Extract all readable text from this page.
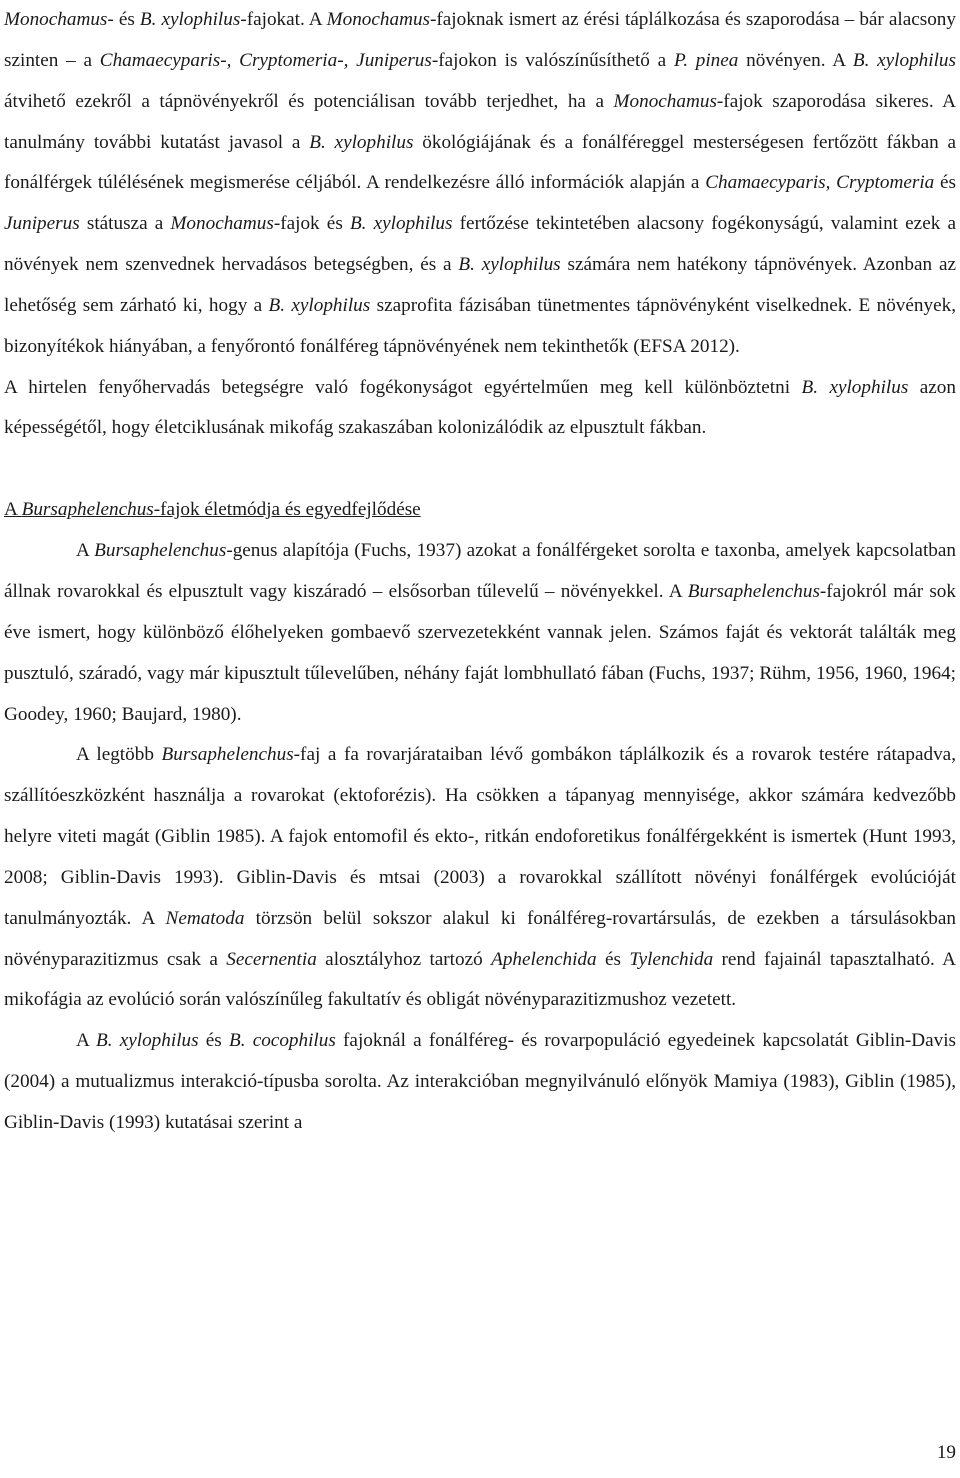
Monochamus- és B. xylophilus-fajokat. A Monochamus-fajoknak ismert az érési táplálkozása és szaporodása – bár alacsony szinten – a Chamaecyparis-, Cryptomeria-, Juniperus-fajokon is valószínűsíthető a P. pinea növényen. A B. xylophilus átvihető ezekről a tápnövényekről és potenciálisan tovább terjedhet, ha a Monochamus-fajok szaporodása sikeres. A tanulmány további kutatást javasol a B. xylophilus ökológiájának és a fonálféreggel mesterségesen fertőzött fákban a fonálférgek túlélésének megismerése céljából. A rendelkezésre álló információk alapján a Chamaecyparis, Cryptomeria és Juniperus státusza a Monochamus-fajok és B. xylophilus fertőzése tekintetében alacsony fogékonyságú, valamint ezek a növények nem szenvednek hervadásos betegségben, és a B. xylophilus számára nem hatékony tápnövények. Azonban az lehetőség sem zárható ki, hogy a B. xylophilus szaprofita fázisában tünetmentes tápnövényként viselkednek. E növények, bizonyítékok hiányában, a fenyőrontó fonálféreg tápnövényének nem tekinthetők (EFSA 2012).

A hirtelen fenyőhervadás betegségre való fogékonyságot egyértelműen meg kell különböztetni B. xylophilus azon képességétől, hogy életciklusának mikofág szakaszában kolonizálódik az elpusztult fákban.

A Bursaphelenchus-fajok életmódja és egyedfejlődése

A Bursaphelenchus-genus alapítója (Fuchs, 1937) azokat a fonálférgeket sorolta e taxonba, amelyek kapcsolatban állnak rovarokkal és elpusztult vagy kiszáradó – elsősorban tűlevelű – növényekkel. A Bursaphelenchus-fajokról már sok éve ismert, hogy különböző élőhelyeken gombaevő szervezetekként vannak jelen. Számos faját és vektorát találták meg pusztuló, száradó, vagy már kipusztult tűlevelűben, néhány faját lombhullató fában (Fuchs, 1937; Rühm, 1956, 1960, 1964; Goodey, 1960; Baujard, 1980).

A legtöbb Bursaphelenchus-faj a fa rovarjárataiban lévő gombákon táplálkozik és a rovarok testére rátapadva, szállítóeszközként használja a rovarokat (ektoforézis). Ha csökken a tápanyag mennyisége, akkor számára kedvezőbb helyre viteti magát (Giblin 1985). A fajok entomofil és ekto-, ritkán endoforetikus fonálférgekként is ismertek (Hunt 1993, 2008; Giblin-Davis 1993). Giblin-Davis és mtsai (2003) a rovarokkal szállított növényi fonálférgek evolúcióját tanulmányozták. A Nematoda törzsön belül sokszor alakul ki fonálféreg-rovartársulás, de ezekben a társulásokban növényparazitizmus csak a Secernentia alosztályhoz tartozó Aphelenchida és Tylenchida rend fajainál tapasztalható. A mikofágia az evolúció során valószínűleg fakultatív és obligát növényparazitizmushoz vezetett.

A B. xylophilus és B. cocophilus fajoknál a fonálféreg- és rovarpopuláció egyedeinek kapcsolatát Giblin-Davis (2004) a mutualizmus interakció-típusba sorolta. Az interakcióban megnyilvánuló előnyök Mamiya (1983), Giblin (1985), Giblin-Davis (1993) kutatásai szerint a

19
